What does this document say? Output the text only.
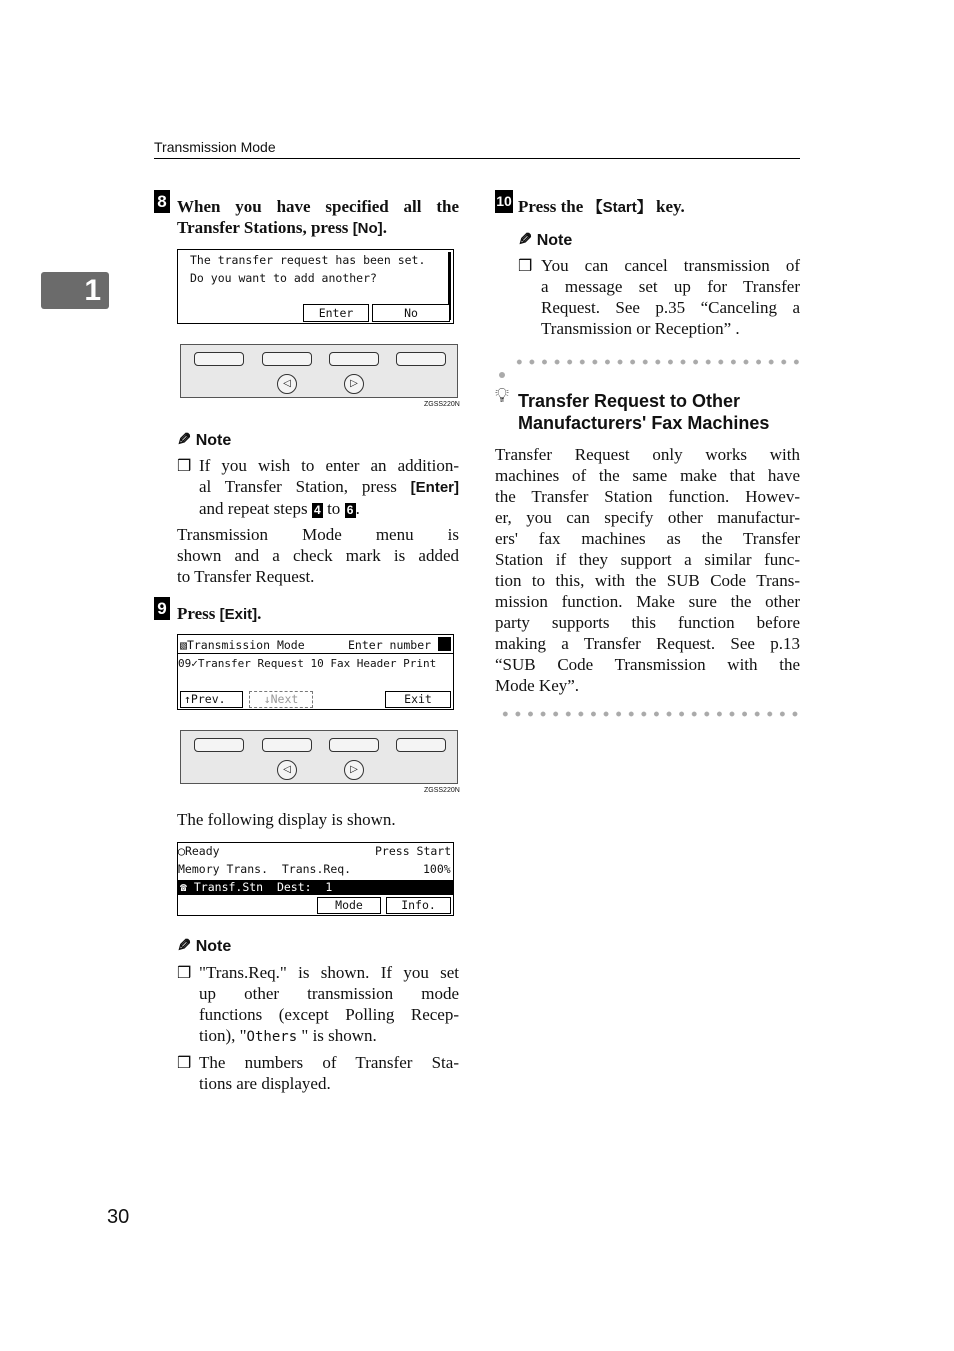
Transmission Mode
1
8 When you have specified all the
Transfer Stations, press [No].
The transfer request has been set.
Do you want to add another?
Enter	No
◁	▷
ZGSS220N
✎ Note
❒ If you wish to enter an addition-
al Transfer Station, press [Enter]
and repeat steps 4 to 6 .
Transmission Mode menu is
shown and a check mark is added
to Transfer Request.
9 Press [Exit].
▧Transmission Mode	Enter number
09✓Transfer Request 10 Fax Header Print
↑Prev.	↓Next	Exit
◁	▷
ZGSS220N
The following display is shown.
◯Ready	Press Start
Memory Trans.  Trans.Req.	100%
☎ Transf.Stn  Dest:  1
Mode	Info.
✎ Note
❒ "Trans.Req." is shown. If you set
up other transmission mode
functions (except Polling Recep-
tion), "Others " is shown.
❒ The numbers of Transfer Sta-
tions are displayed.
10 Press the 【Start】 key.
✎ Note
❒ You can cancel transmission of
a message set up for Transfer
Request. See p.35 “Canceling a
Transmission or Reception” .
💡︎ Transfer Request to Other
Manufacturers' Fax Machines
Transfer Request only works with
machines of the same make that have
the Transfer Station function. Howev-
er, you can specify other manufactur-
ers' fax machines as the Transfer
Station if they support a similar func-
tion to this, with the SUB Code Trans-
mission function. Make sure the other
party supports this function before
making a Transfer Request. See p.13
“SUB Code Transmission with the
Mode Key”.
30
